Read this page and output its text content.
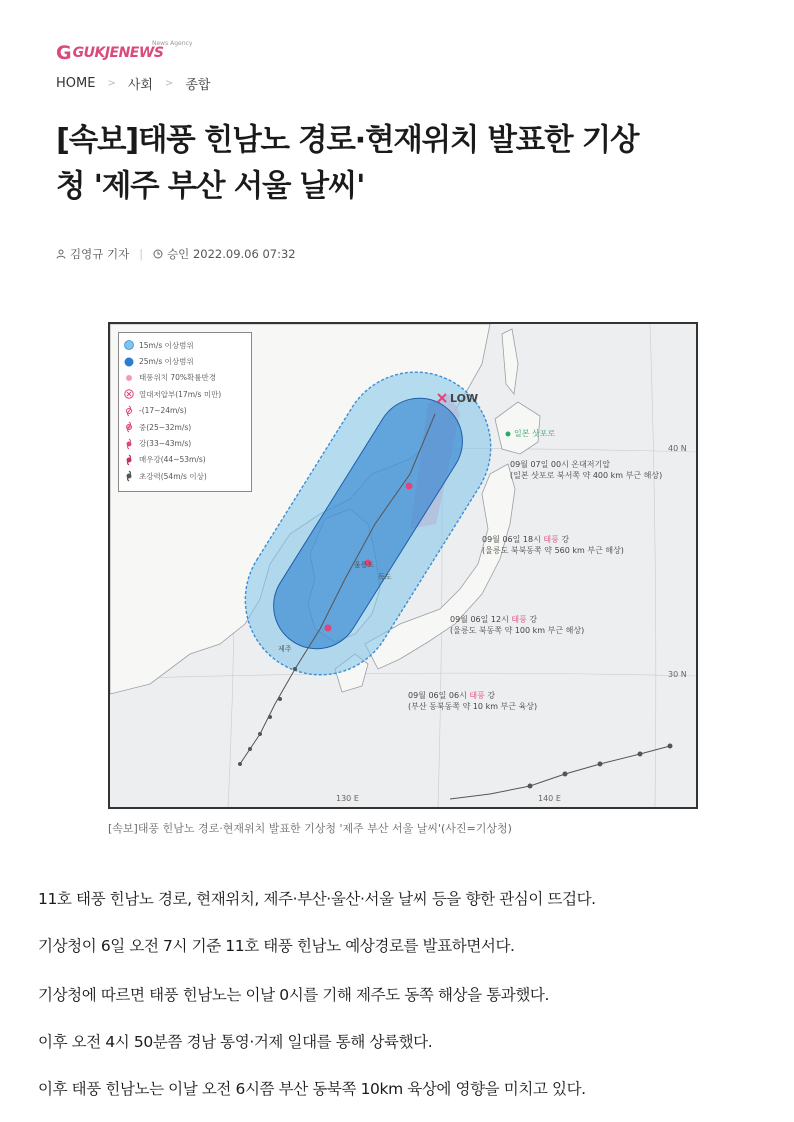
G GUKJENEWS
News Agency
HOME > 사회 > 종합
[속보]태풍 힌남노 경로·현재위치 발표한 기상
청 '제주 부산 서울 날씨'
김영규 기자 | 승인
2022.09.06 07:32
15m/s 이상범위
25m/s 이상범위
태풍위치 70%확률반경
열대저압부(17m/s 미만)
-(17~24m/s)
중(25~32m/s)
강(33~43m/s)
매우강(44~53m/s)
초강력(54m/s 이상)
LOW
일본 삿포로
09월 07일 00시 온대저기압
(일본 삿포로 북서쪽 약 400 km 부근 해상)
09월 06일 18시 태풍 강
(울릉도 북북동쪽 약 560 km 부근 해상)
09월 06일 12시 태풍 강
(울릉도 북동쪽 약 100 km 부근 해상)
09월 06일 06시 태풍 강
(부산 동북동쪽 약 10 km 부근 육상)
40 N
30 N
130 E	140 E
울릉도
독도
제주
[속보]태풍 힌남노 경로·현재위치 발표한 기상청 '제주 부산 서울 날씨'(사진=기상청)

11호 태풍 힌남노 경로, 현재위치, 제주·부산·울산·서울 날씨 등을 향한 관심이 뜨겁다.

기상청이 6일 오전 7시 기준 11호 태풍 힌남노 예상경로를 발표하면서다.

기상청에 따르면 태풍 힌남노는 이날 0시를 기해 제주도 동쪽 해상을 통과했다.

이후 오전 4시 50분쯤 경남 통영·거제 일대를 통해 상륙했다.

이후 태풍 힌남노는 이날 오전 6시쯤 부산 동북쪽 10km 육상에 영향을 미치고 있다.
